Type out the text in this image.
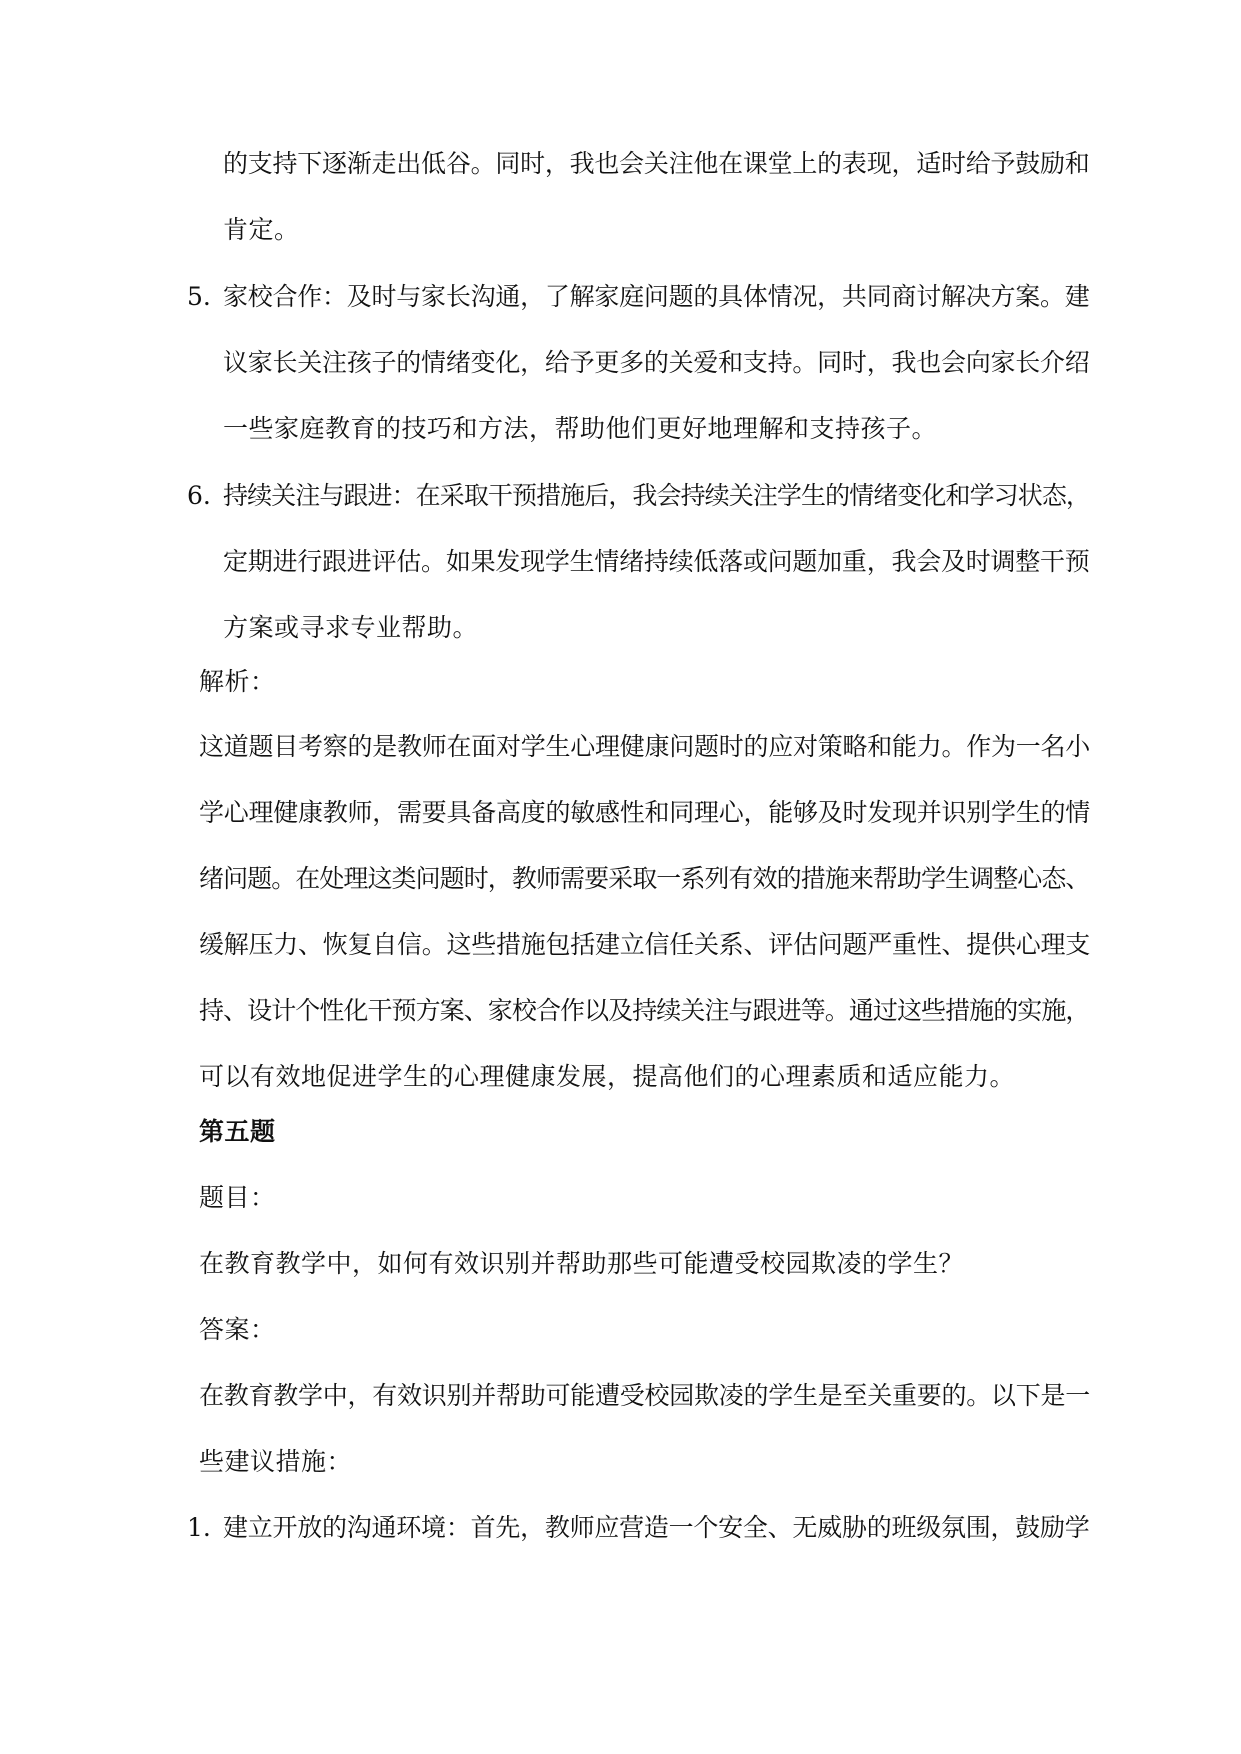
的支持下逐渐走出低谷。同时，我也会关注他在课堂上的表现，适时给予鼓励和
肯定。
5. 家校合作：及时与家长沟通，了解家庭问题的具体情况，共同商讨解决方案。建
议家长关注孩子的情绪变化，给予更多的关爱和支持。同时，我也会向家长介绍
一些家庭教育的技巧和方法，帮助他们更好地理解和支持孩子。
6. 持续关注与跟进：在采取干预措施后，我会持续关注学生的情绪变化和学习状态，
定期进行跟进评估。如果发现学生情绪持续低落或问题加重，我会及时调整干预
方案或寻求专业帮助。
解析：
这道题目考察的是教师在面对学生心理健康问题时的应对策略和能力。作为一名小
学心理健康教师，需要具备高度的敏感性和同理心，能够及时发现并识别学生的情
绪问题。在处理这类问题时，教师需要采取一系列有效的措施来帮助学生调整心态、
缓解压力、恢复自信。这些措施包括建立信任关系、评估问题严重性、提供心理支
持、设计个性化干预方案、家校合作以及持续关注与跟进等。通过这些措施的实施，
可以有效地促进学生的心理健康发展，提高他们的心理素质和适应能力。
第五题
题目：
在教育教学中，如何有效识别并帮助那些可能遭受校园欺凌的学生？
答案：
在教育教学中，有效识别并帮助可能遭受校园欺凌的学生是至关重要的。以下是一
些建议措施：
1. 建立开放的沟通环境：首先，教师应营造一个安全、无威胁的班级氛围，鼓励学
